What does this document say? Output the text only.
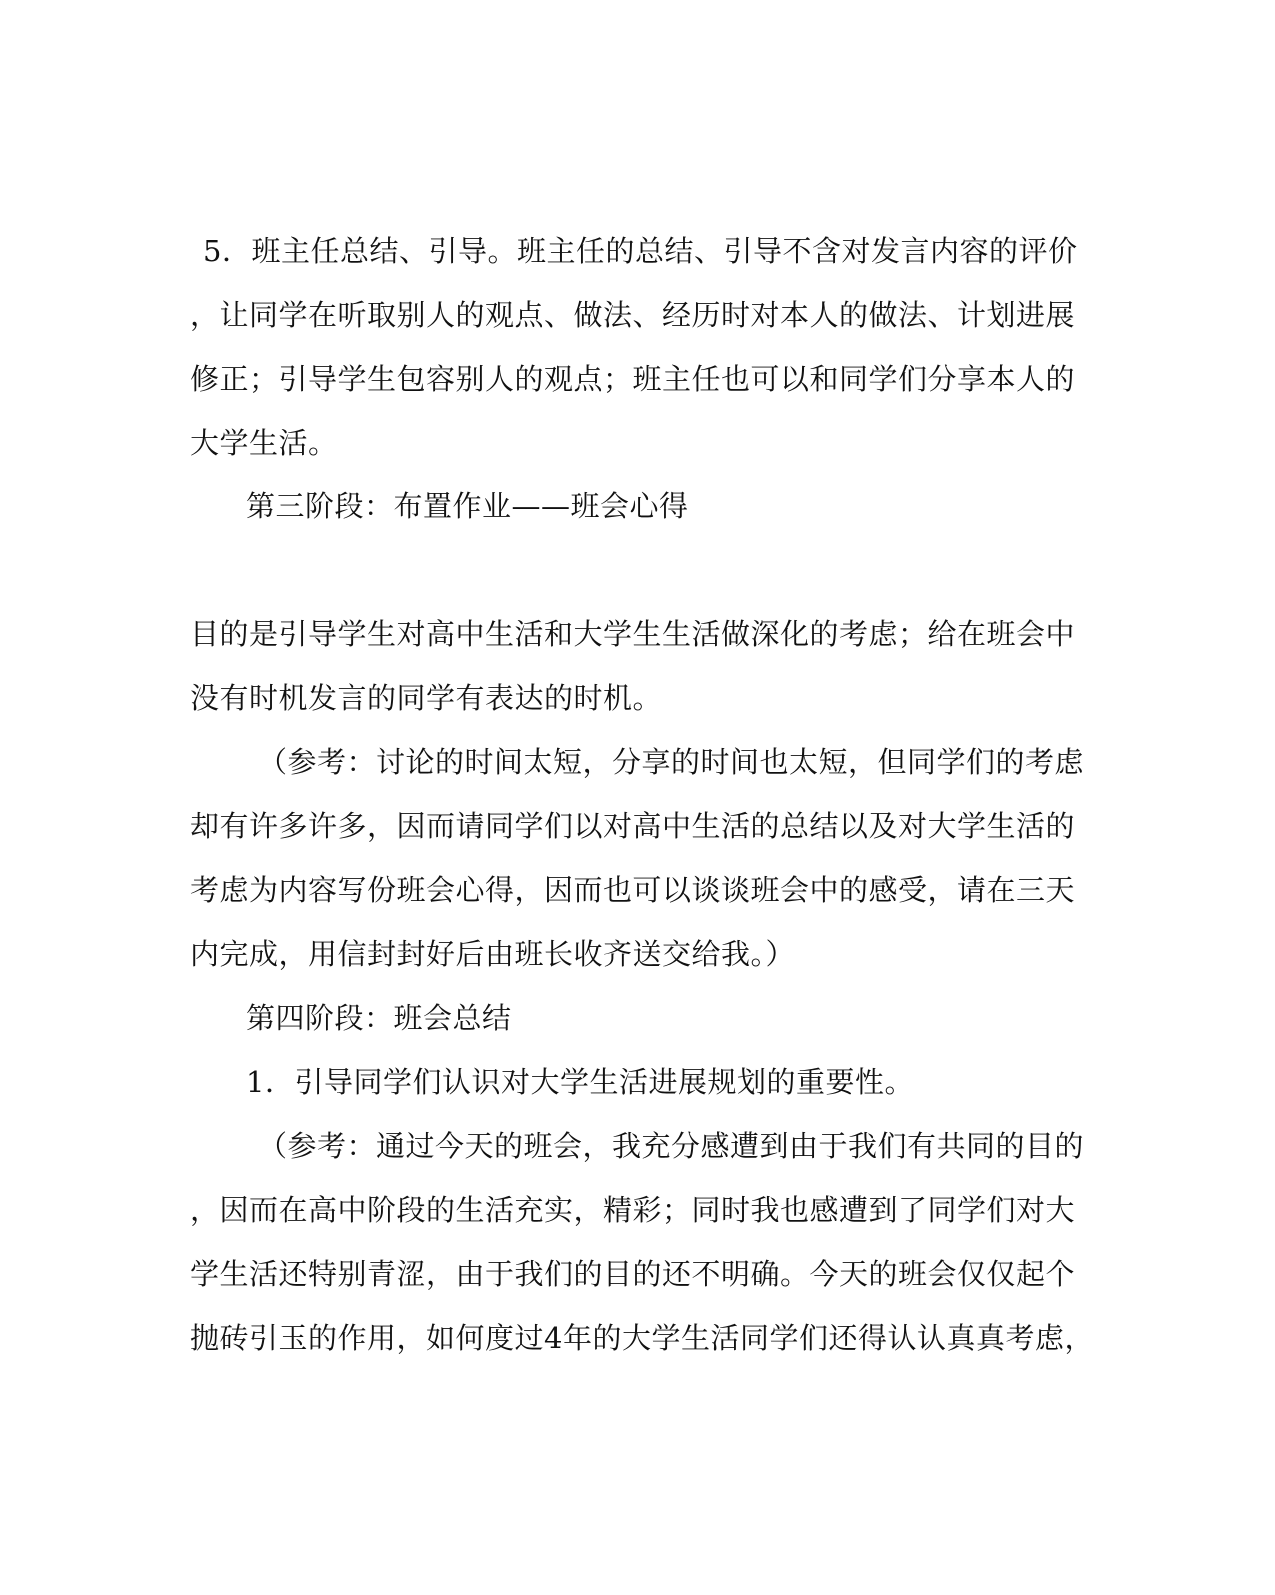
5．班主任总结、引导。班主任的总结、引导不含对发言内容的评价
，让同学在听取别人的观点、做法、经历时对本人的做法、计划进展
修正；引导学生包容别人的观点；班主任也可以和同学们分享本人的
大学生活。
第三阶段：布置作业——班会心得
目的是引导学生对高中生活和大学生生活做深化的考虑；给在班会中
没有时机发言的同学有表达的时机。
（参考：讨论的时间太短，分享的时间也太短，但同学们的考虑
却有许多许多，因而请同学们以对高中生活的总结以及对大学生活的
考虑为内容写份班会心得，因而也可以谈谈班会中的感受，请在三天
内完成，用信封封好后由班长收齐送交给我。）
第四阶段：班会总结
1．引导同学们认识对大学生活进展规划的重要性。
（参考：通过今天的班会，我充分感遭到由于我们有共同的目的
，因而在高中阶段的生活充实，精彩；同时我也感遭到了同学们对大
学生活还特别青涩，由于我们的目的还不明确。今天的班会仅仅起个
抛砖引玉的作用，如何度过4年的大学生活同学们还得认认真真考虑，
